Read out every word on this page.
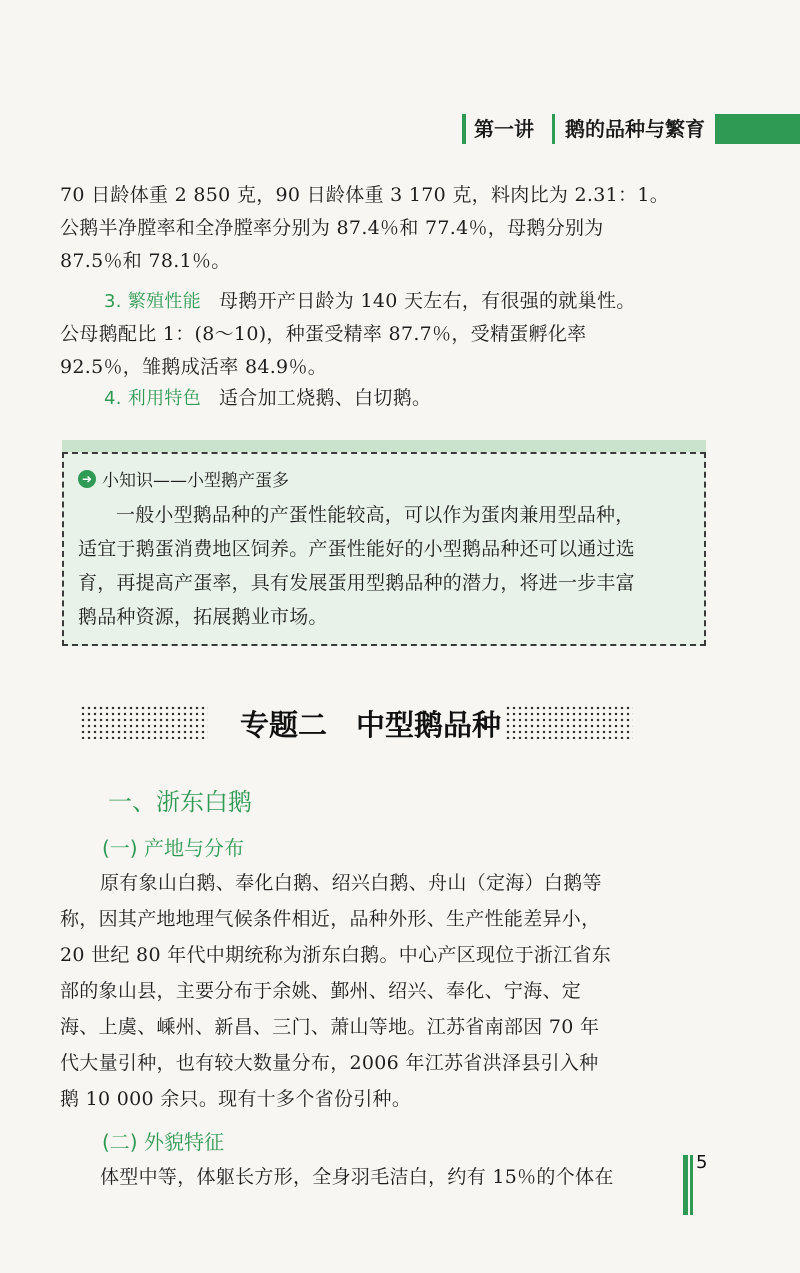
第一讲	鹅的品种与繁育
70 日龄体重 2 850 克，90 日龄体重 3 170 克，料肉比为 2.31：1。
公鹅半净膛率和全净膛率分别为 87.4％和 77.4％，母鹅分别为
87.5％和 78.1％。
3. 繁殖性能 母鹅开产日龄为 140 天左右，有很强的就巢性。
公母鹅配比 1：(8～10)，种蛋受精率 87.7％，受精蛋孵化率
92.5％，雏鹅成活率 84.9％。
4. 利用特色 适合加工烧鹅、白切鹅。
➜ 小知识——小型鹅产蛋多
一般小型鹅品种的产蛋性能较高，可以作为蛋肉兼用型品种，
适宜于鹅蛋消费地区饲养。产蛋性能好的小型鹅品种还可以通过选
育，再提高产蛋率，具有发展蛋用型鹅品种的潜力，将进一步丰富
鹅品种资源，拓展鹅业市场。
专题二　中型鹅品种
一、浙东白鹅
(一) 产地与分布
原有象山白鹅、奉化白鹅、绍兴白鹅、舟山（定海）白鹅等
称，因其产地地理气候条件相近，品种外形、生产性能差异小，
20 世纪 80 年代中期统称为浙东白鹅。中心产区现位于浙江省东
部的象山县，主要分布于余姚、鄞州、绍兴、奉化、宁海、定
海、上虞、嵊州、新昌、三门、萧山等地。江苏省南部因 70 年
代大量引种，也有较大数量分布，2006 年江苏省洪泽县引入种
鹅 10 000 余只。现有十多个省份引种。
(二) 外貌特征
体型中等，体躯长方形，全身羽毛洁白，约有 15％的个体在
5
